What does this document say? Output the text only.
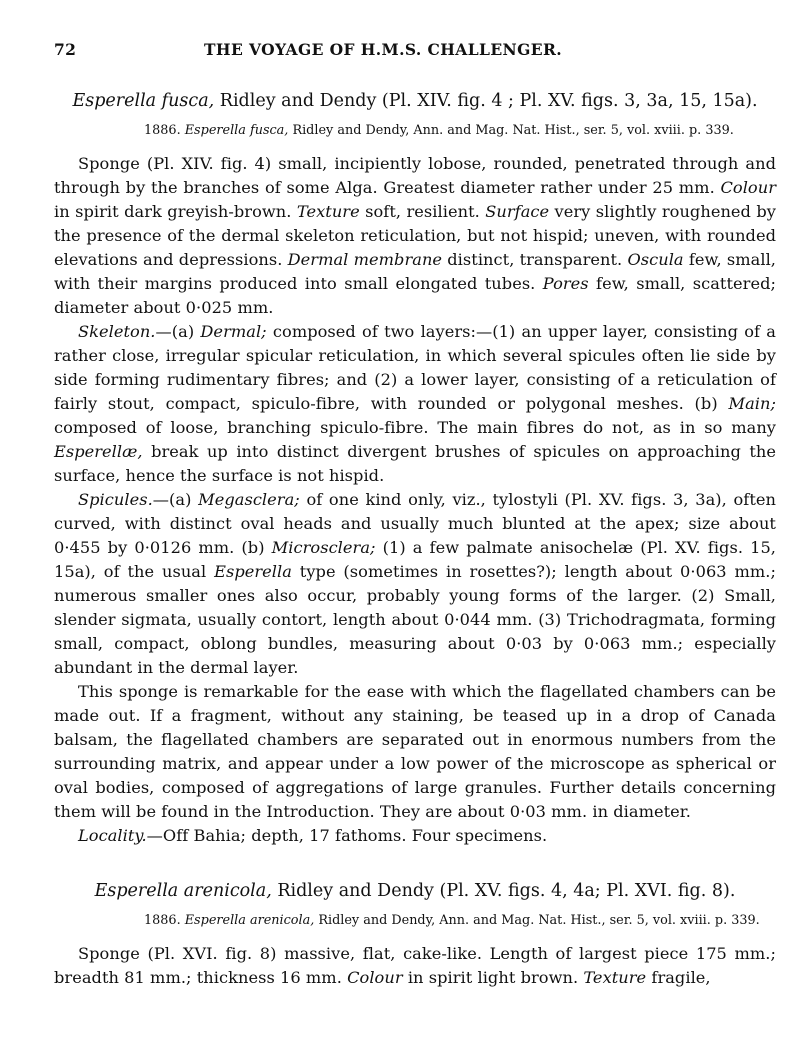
72	THE VOYAGE OF H.M.S. CHALLENGER.
Esperella fusca, Ridley and Dendy (Pl. XIV. fig. 4 ; Pl. XV. figs. 3, 3a, 15, 15a).
1886. Esperella fusca, Ridley and Dendy, Ann. and Mag. Nat. Hist., ser. 5, vol. xviii. p. 339.

Sponge (Pl. XIV. fig. 4) small, incipiently lobose, rounded, penetrated through and through by the branches of some Alga. Greatest diameter rather under 25 mm. Colour in spirit dark greyish-brown. Texture soft, resilient. Surface very slightly roughened by the presence of the dermal skeleton reticulation, but not hispid; uneven, with rounded elevations and depressions. Dermal membrane distinct, transparent. Oscula few, small, with their margins produced into small elongated tubes. Pores few, small, scattered; diameter about 0·025 mm.

Skeleton.—(a) Dermal; composed of two layers:—(1) an upper layer, consisting of a rather close, irregular spicular reticulation, in which several spicules often lie side by side forming rudimentary fibres; and (2) a lower layer, consisting of a reticulation of fairly stout, compact, spiculo-fibre, with rounded or polygonal meshes. (b) Main; composed of loose, branching spiculo-fibre. The main fibres do not, as in so many Esperellæ, break up into distinct divergent brushes of spicules on approaching the surface, hence the surface is not hispid.

Spicules.—(a) Megasclera; of one kind only, viz., tylostyli (Pl. XV. figs. 3, 3a), often curved, with distinct oval heads and usually much blunted at the apex; size about 0·455 by 0·0126 mm. (b) Microsclera; (1) a few palmate anisochelæ (Pl. XV. figs. 15, 15a), of the usual Esperella type (sometimes in rosettes?); length about 0·063 mm.; numerous smaller ones also occur, probably young forms of the larger. (2) Small, slender sigmata, usually contort, length about 0·044 mm. (3) Trichodragmata, forming small, compact, oblong bundles, measuring about 0·03 by 0·063 mm.; especially abundant in the dermal layer.

This sponge is remarkable for the ease with which the flagellated chambers can be made out. If a fragment, without any staining, be teased up in a drop of Canada balsam, the flagellated chambers are separated out in enormous numbers from the surrounding matrix, and appear under a low power of the microscope as spherical or oval bodies, composed of aggregations of large granules. Further details concerning them will be found in the Introduction. They are about 0·03 mm. in diameter.

Locality.—Off Bahia; depth, 17 fathoms. Four specimens.

Esperella arenicola, Ridley and Dendy (Pl. XV. figs. 4, 4a; Pl. XVI. fig. 8).
1886. Esperella arenicola, Ridley and Dendy, Ann. and Mag. Nat. Hist., ser. 5, vol. xviii. p. 339.

Sponge (Pl. XVI. fig. 8) massive, flat, cake-like. Length of largest piece 175 mm.; breadth 81 mm.; thickness 16 mm. Colour in spirit light brown. Texture fragile,
